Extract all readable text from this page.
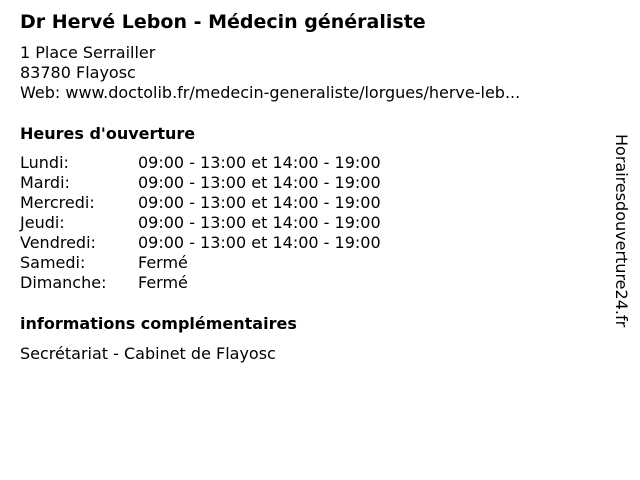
Dr Hervé Lebon - Médecin généraliste
1 Place Serrailler
83780 Flayosc
Web: www.doctolib.fr/medecin-generaliste/lorgues/herve-leb...
Heures d'ouverture
Lundi:	09:00 - 13:00 et 14:00 - 19:00
Mardi:	09:00 - 13:00 et 14:00 - 19:00
Mercredi:	09:00 - 13:00 et 14:00 - 19:00
Jeudi:	09:00 - 13:00 et 14:00 - 19:00
Vendredi:	09:00 - 13:00 et 14:00 - 19:00
Samedi:	Fermé
Dimanche:	Fermé
informations complémentaires
Secrétariat - Cabinet de Flayosc
Horairesdouverture24.fr
